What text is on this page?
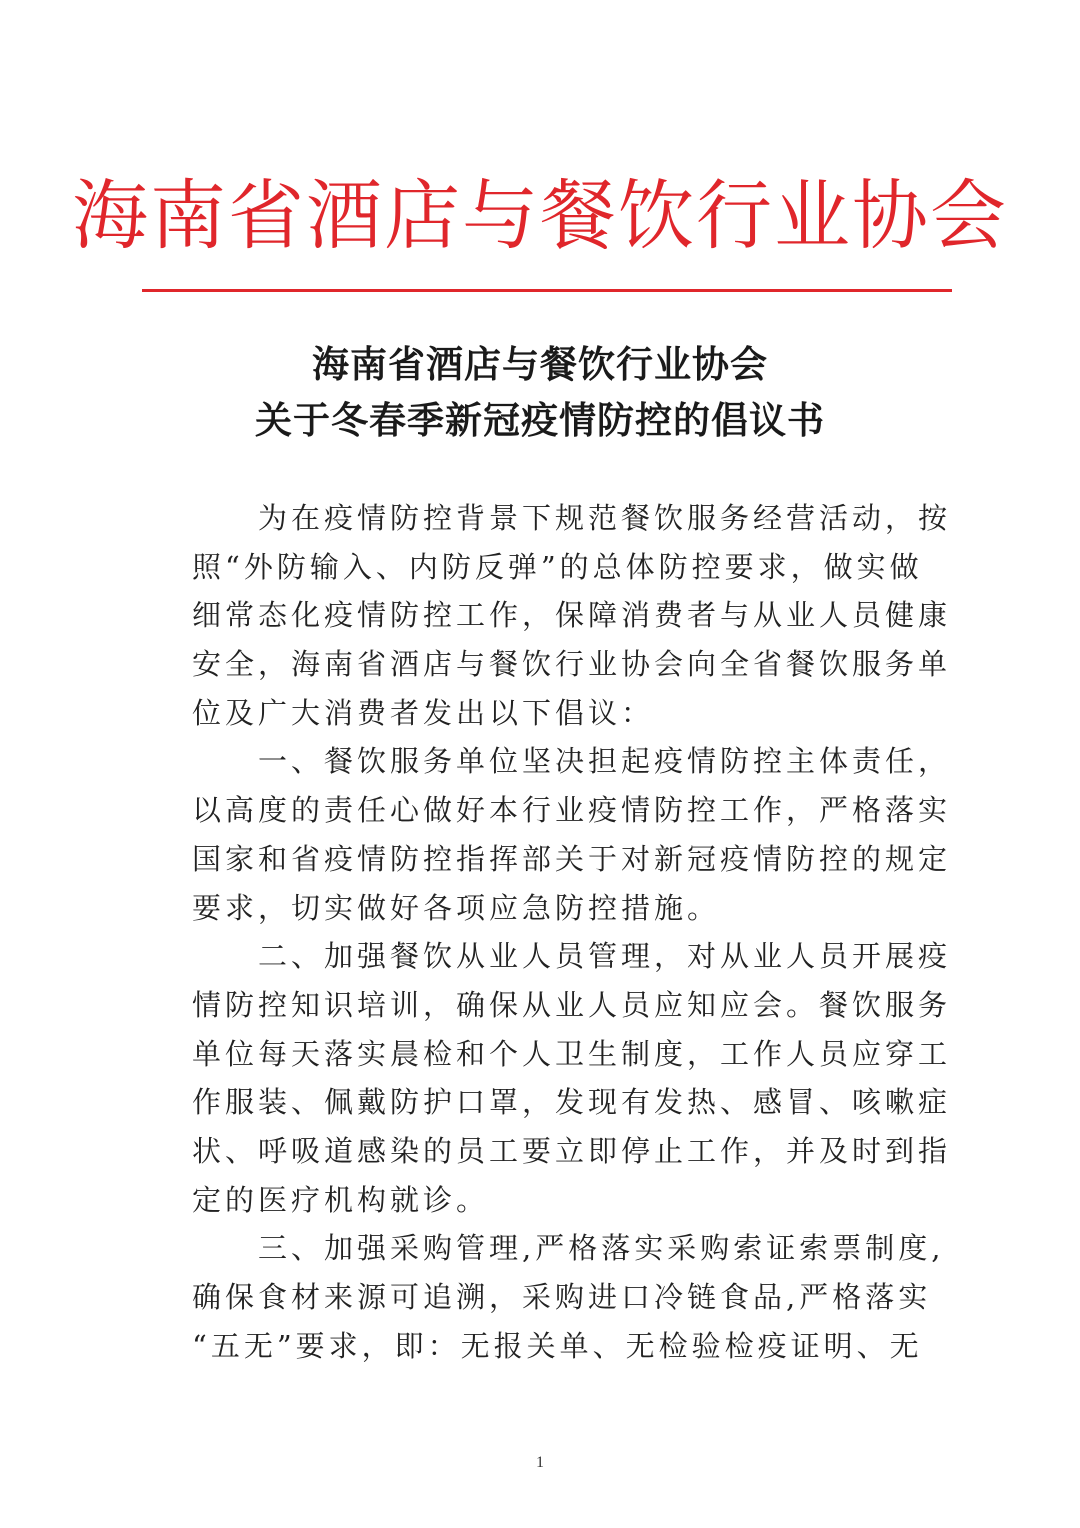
海南省酒店与餐饮行业协会
海南省酒店与餐饮行业协会
关于冬春季新冠疫情防控的倡议书
为在疫情防控背景下规范餐饮服务经营活动，按
照“外防输入、内防反弹”的总体防控要求，做实做
细常态化疫情防控工作，保障消费者与从业人员健康
安全，海南省酒店与餐饮行业协会向全省餐饮服务单
位及广大消费者发出以下倡议：
一、餐饮服务单位坚决担起疫情防控主体责任，
以高度的责任心做好本行业疫情防控工作，严格落实
国家和省疫情防控指挥部关于对新冠疫情防控的规定
要求，切实做好各项应急防控措施。
二、加强餐饮从业人员管理，对从业人员开展疫
情防控知识培训，确保从业人员应知应会。餐饮服务
单位每天落实晨检和个人卫生制度，工作人员应穿工
作服装、佩戴防护口罩，发现有发热、感冒、咳嗽症
状、呼吸道感染的员工要立即停止工作，并及时到指
定的医疗机构就诊。
三、加强采购管理,严格落实采购索证索票制度,
确保食材来源可追溯，采购进口冷链食品,严格落实
“五无”要求，即：无报关单、无检验检疫证明、无
1
